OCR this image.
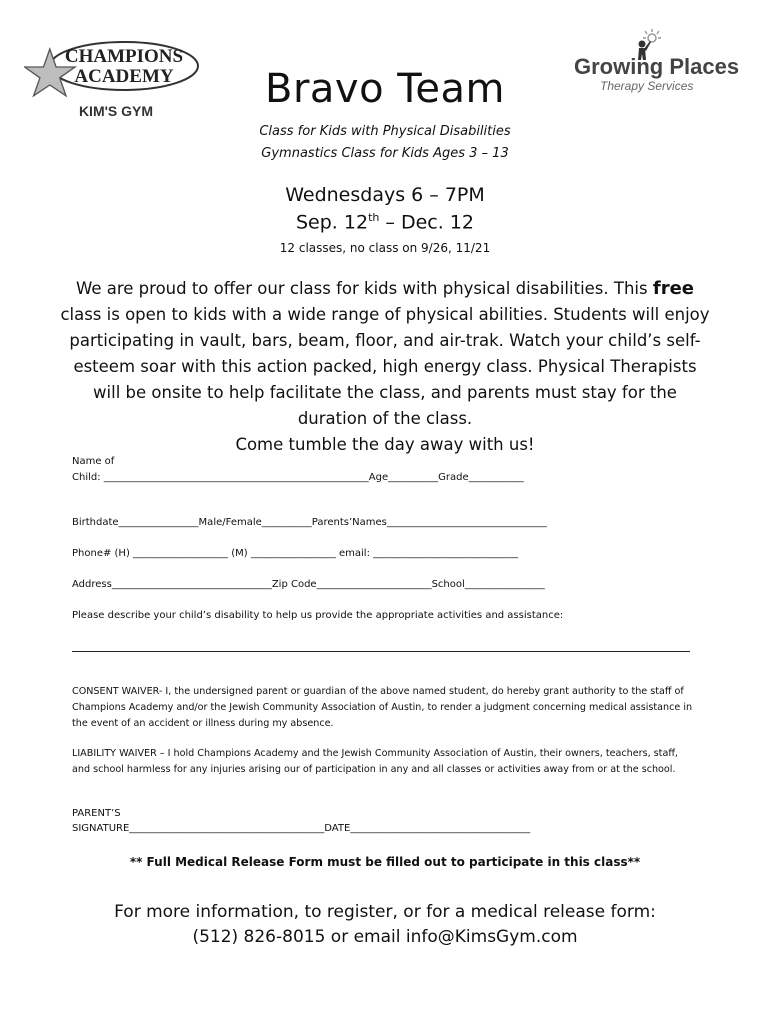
CHAMPIONS
ACADEMY
KIM'S GYM
Growing Places
Therapy Services
Bravo Team
Class for Kids with Physical Disabilities
Gymnastics Class for Kids Ages 3 – 13
Wednesdays 6 – 7PM
Sep. 12th – Dec. 12
12 classes, no class on 9/26, 11/21
We are proud to offer our class for kids with physical disabilities. This free class is open to kids with a wide range of physical abilities. Students will enjoy participating in vault, bars, beam, floor, and air-trak. Watch your child’s self-esteem soar with this action packed, high energy class. Physical Therapists will be onsite to help facilitate the class, and parents must stay for the duration of the class.
Come tumble the day away with us!
Name of
Child: _____________________________________________________Age__________Grade___________
Birthdate________________Male/Female__________Parents’Names________________________________
Phone# (H) ___________________ (M) _________________ email: _____________________________
Address________________________________Zip Code_______________________School________________
Please describe your child’s disability to help us provide the appropriate activities and assistance:
CONSENT WAIVER- I, the undersigned parent or guardian of the above named student, do hereby grant authority to the staff of Champions Academy and/or the Jewish Community Association of Austin, to render a judgment concerning medical assistance in the event of an accident or illness during my absence.
LIABILITY WAIVER – I hold Champions Academy and the Jewish Community Association of Austin, their owners, teachers, staff, and school harmless for any injuries arising our of participation in any and all classes or activities away from or at the school.
PARENT’S
SIGNATURE_______________________________________DATE____________________________________
** Full Medical Release Form must be filled out to participate in this class**
For more information, to register, or for a medical release form:
(512) 826-8015 or email info@KimsGym.com
